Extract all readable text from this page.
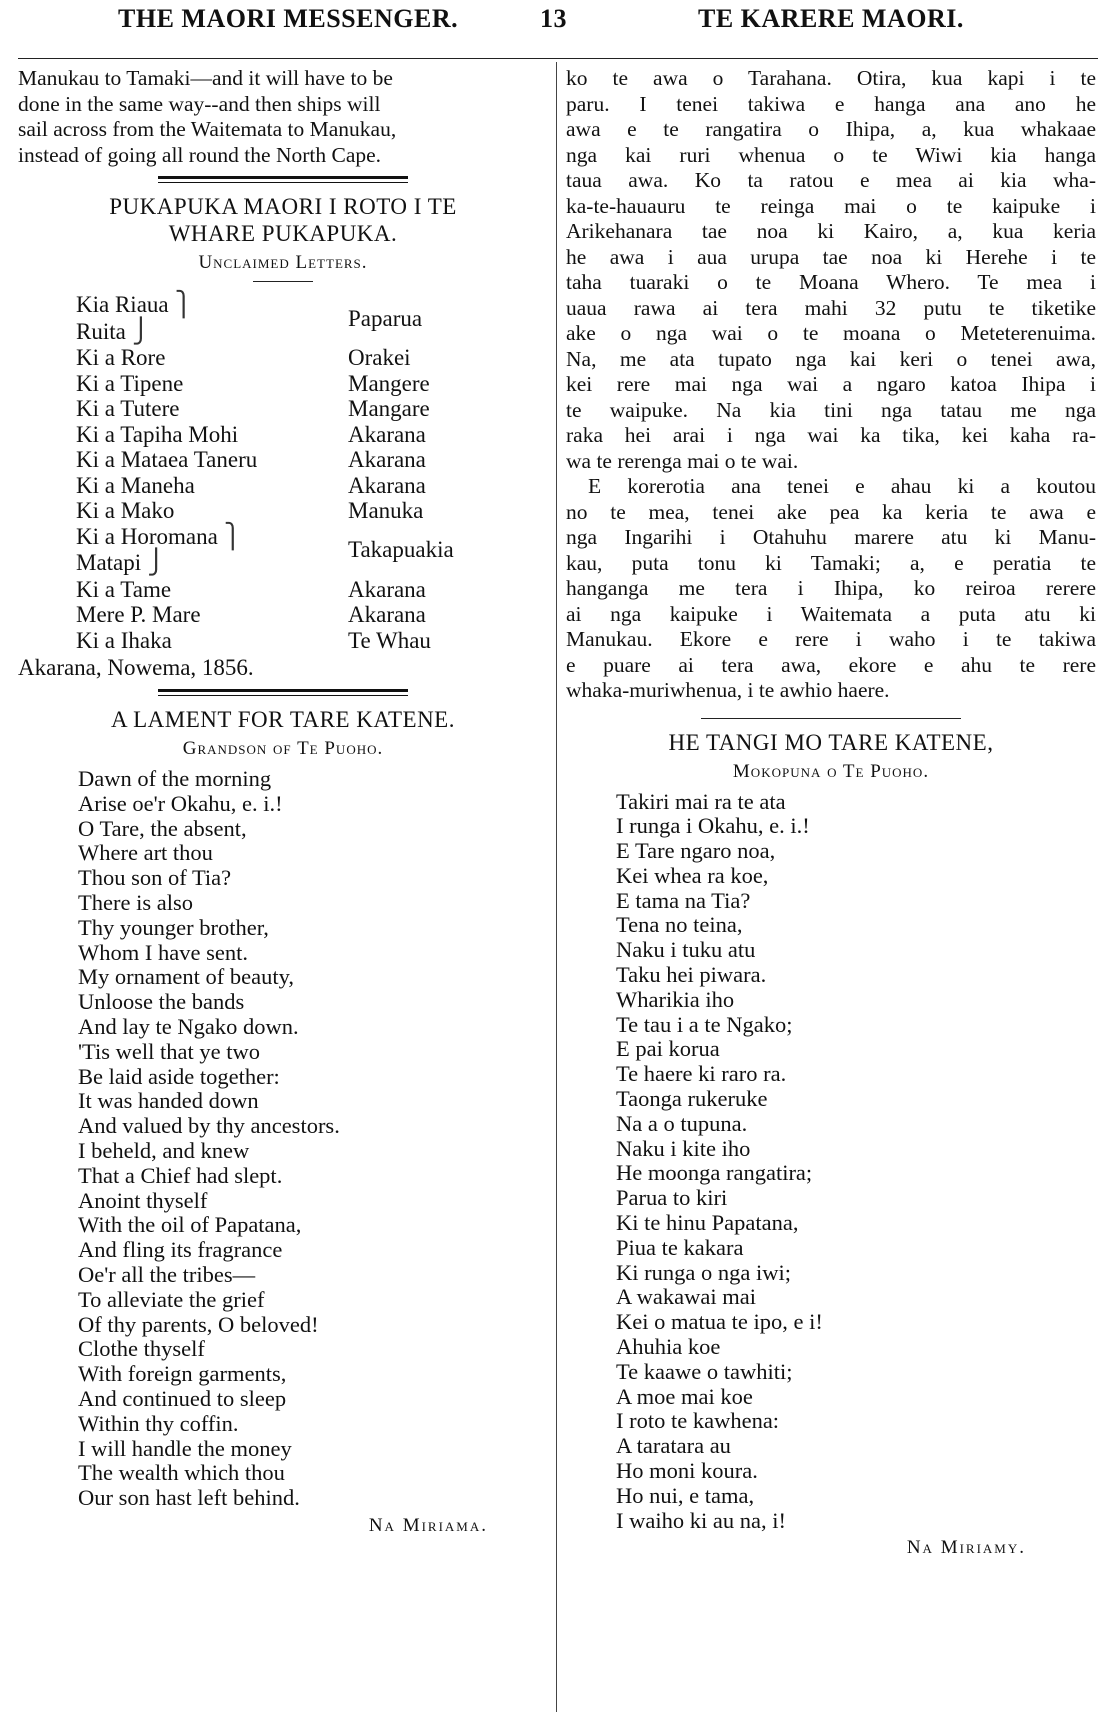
THE MAORI MESSENGER.	13	TE KARERE MAORI.

Manukau to Tamaki—and it will have to be
done in the same way--and then ships will
sail across from the Waitemata to Manukau,
instead of going all round the North Cape.

PUKAPUKA MAORI I ROTO I TE
WHARE PUKAPUKA.
Unclaimed Letters.
Kia Riaua ⎫	Paparua
Ruita ⎭	
Ki a Rore	Orakei
Ki a Tipene	Mangere
Ki a Tutere	Mangare
Ki a Tapiha Mohi	Akarana
Ki a Mataea Taneru	Akarana
Ki a Maneha	Akarana
Ki a Mako	Manuka
Ki a Horomana ⎫	Takapuakia
Matapi ⎭	
Ki a Tame	Akarana
Mere P. Mare	Akarana
Ki a Ihaka	Te Whau
Akarana, Nowema, 1856.
A LAMENT FOR TARE KATENE.
Grandson of Te Puoho.
Dawn of the morning
Arise oe'r Okahu, e. i.!
O Tare, the absent,
Where art thou
Thou son of Tia?
There is also
Thy younger brother,
Whom I have sent.
My ornament of beauty,
Unloose the bands
And lay te Ngako down.
'Tis well that ye two
Be laid aside together:
It was handed down
And valued by thy ancestors.
I beheld, and knew
That a Chief had slept.
Anoint thyself
With the oil of Papatana,
And fling its fragrance
Oe'r all the tribes—
To alleviate the grief
Of thy parents, O beloved!
Clothe thyself
With foreign garments,
And continued to sleep
Within thy coffin.
I will handle the money
The wealth which thou
Our son hast left behind.
Na Miriama.

ko te awa o Tarahana. Otira, kua kapi i te
paru. I tenei takiwa e hanga ana ano he
awa e te rangatira o Ihipa, a, kua whakaae
nga kai ruri whenua o te Wiwi kia hanga
taua awa. Ko ta ratou e mea ai kia wha-
ka-te-hauauru te reinga mai o te kaipuke i
Arikehanara tae noa ki Kairo, a, kua keria
he awa i aua urupa tae noa ki Herehe i te
taha tuaraki o te Moana Whero. Te mea i
uaua rawa ai tera mahi 32 putu te tiketike
ake o nga wai o te moana o Meteterenuima.
Na, me ata tupato nga kai keri o tenei awa,
kei rere mai nga wai a ngaro katoa Ihipa i
te waipuke. Na kia tini nga tatau me nga
raka hei arai i nga wai ka tika, kei kaha ra-
wa te rerenga mai o te wai.

E korerotia ana tenei e ahau ki a koutou
no te mea, tenei ake pea ka keria te awa e
nga Ingarihi i Otahuhu marere atu ki Manu-
kau, puta tonu ki Tamaki; a, e peratia te
hanganga me tera i Ihipa, ko reiroa rerere
ai nga kaipuke i Waitemata a puta atu ki
Manukau. Ekore e rere i waho i te takiwa
e puare ai tera awa, ekore e ahu te rere
whaka-muriwhenua, i te awhio haere.

HE TANGI MO TARE KATENE,
Mokopuna o Te Puoho.
Takiri mai ra te ata
I runga i Okahu, e. i.!
E Tare ngaro noa,
Kei whea ra koe,
E tama na Tia?
Tena no teina,
Naku i tuku atu
Taku hei piwara.
Wharikia iho
Te tau i a te Ngako;
E pai koruа
Te haere ki raro ra.
Taonga rukeruke
Na a o tupuna.
Naku i kite iho
He moonga rangatira;
Parua to kiri
Ki te hinu Papatana,
Piua te kakara
Ki runga o nga iwi;
A wakawai mai
Kei o matua te ipo, e i!
Ahuhia koe
Te kaawe o tawhiti;
A moe mai koe
I roto te kawhena:
A taratara au
Ho moni koura.
Ho nui, e tama,
I waiho ki au na, i!
Na Miriamy.
